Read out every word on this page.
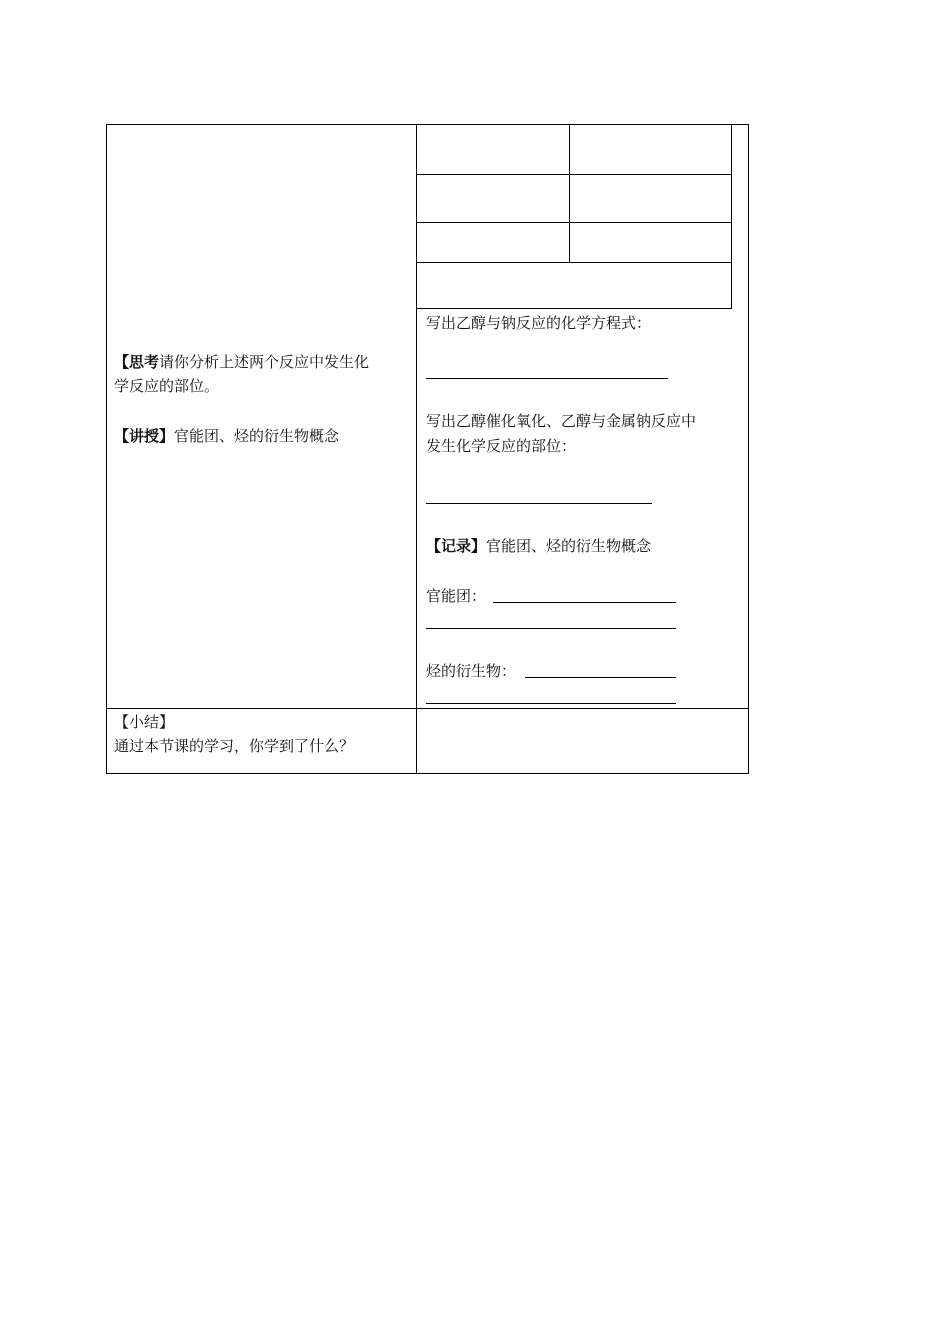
【思考请你分析上述两个反应中发生化
学反应的部位。
【讲授】官能团、烃的衍生物概念
写出乙醇与钠反应的化学方程式：
写出乙醇催化氧化、乙醇与金属钠反应中
发生化学反应的部位：
【记录】官能团、烃的衍生物概念
官能团：
烃的衍生物：
【小结】
通过本节课的学习，你学到了什么？
